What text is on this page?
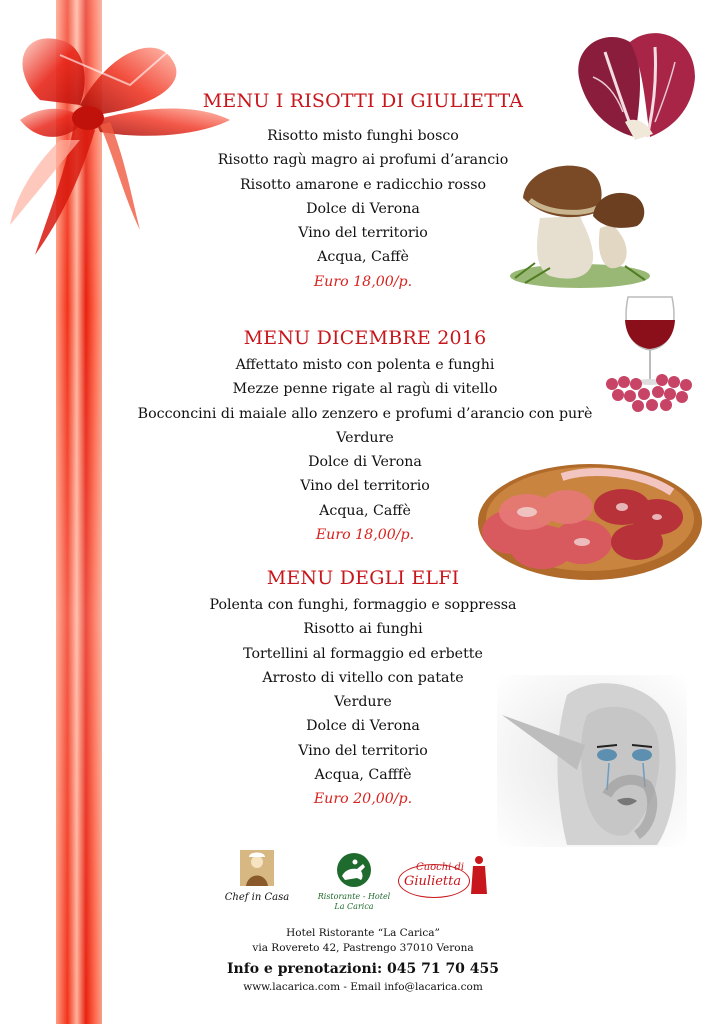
MENU I RISOTTI DI GIULIETTA
Risotto misto funghi bosco
Risotto ragù magro ai profumi d’arancio
Risotto amarone e radicchio rosso
Dolce di Verona
Vino del territorio
Acqua, Caffè
Euro 18,00/p.
MENU DICEMBRE 2016
Affettato misto con polenta e funghi
Mezze penne rigate al ragù di vitello
Bocconcini di maiale allo zenzero e profumi d’arancio con purè
Verdure
Dolce di Verona
Vino del territorio
Acqua, Caffè
Euro 18,00/p.
MENU DEGLI ELFI
Polenta con funghi, formaggio e soppressa
Risotto ai funghi
Tortellini al formaggio ed erbette
Arrosto di vitello con patate
Verdure
Dolce di Verona
Vino del territorio
Acqua, Cafffè
Euro 20,00/p.
Chef in Casa	Ristorante - Hotel
La Carica
Cuochi di
Giulietta
Hotel Ristorante “La Carica”
via Rovereto 42, Pastrengo 37010 Verona
Info e prenotazioni: 045 71 70 455
www.lacarica.com - Email info@lacarica.com
